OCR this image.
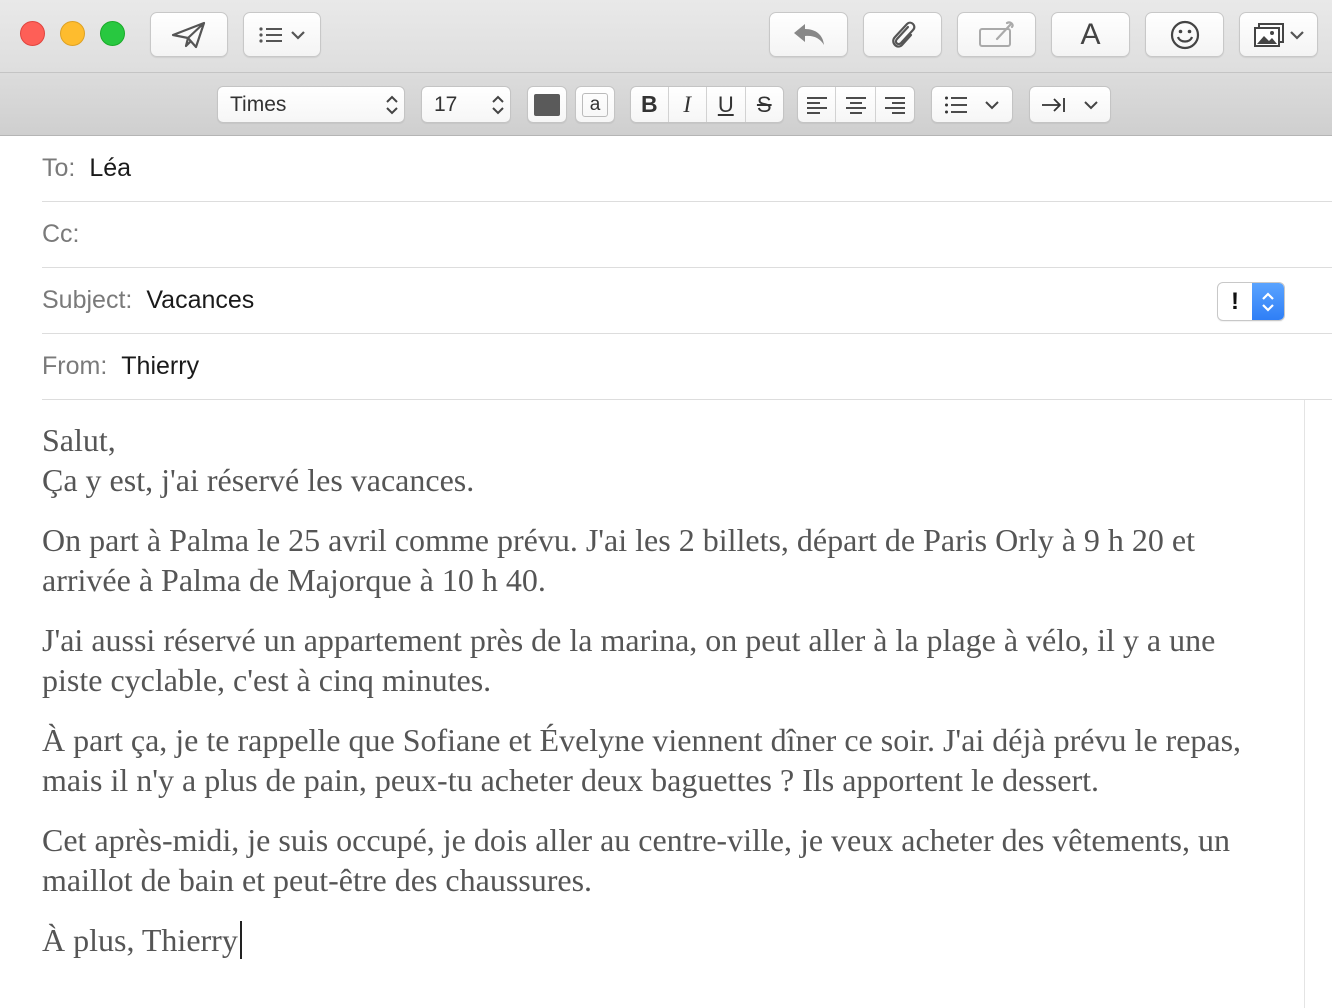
A
Times	17	a	B	I	U	S
To: Léa
Cc:
Subject: Vacances	!
From: Thierry

Salut,
Ça y est, j'ai réservé les vacances.

On part à Palma le 25 avril comme prévu. J'ai les 2 billets, départ de Paris Orly à 9 h 20 et arrivée à Palma de Majorque à 10 h 40.

J'ai aussi réservé un appartement près de la marina, on peut aller à la plage à vélo, il y a une piste cyclable, c'est à cinq minutes.

À part ça, je te rappelle que Sofiane et Évelyne viennent dîner ce soir. J'ai déjà prévu le repas, mais il n'y a plus de pain, peux-tu acheter deux baguettes ? Ils apportent le dessert.

Cet après-midi, je suis occupé, je dois aller au centre-ville, je veux acheter des vêtements, un maillot de bain et peut-être des chaussures.

À plus, Thierry
